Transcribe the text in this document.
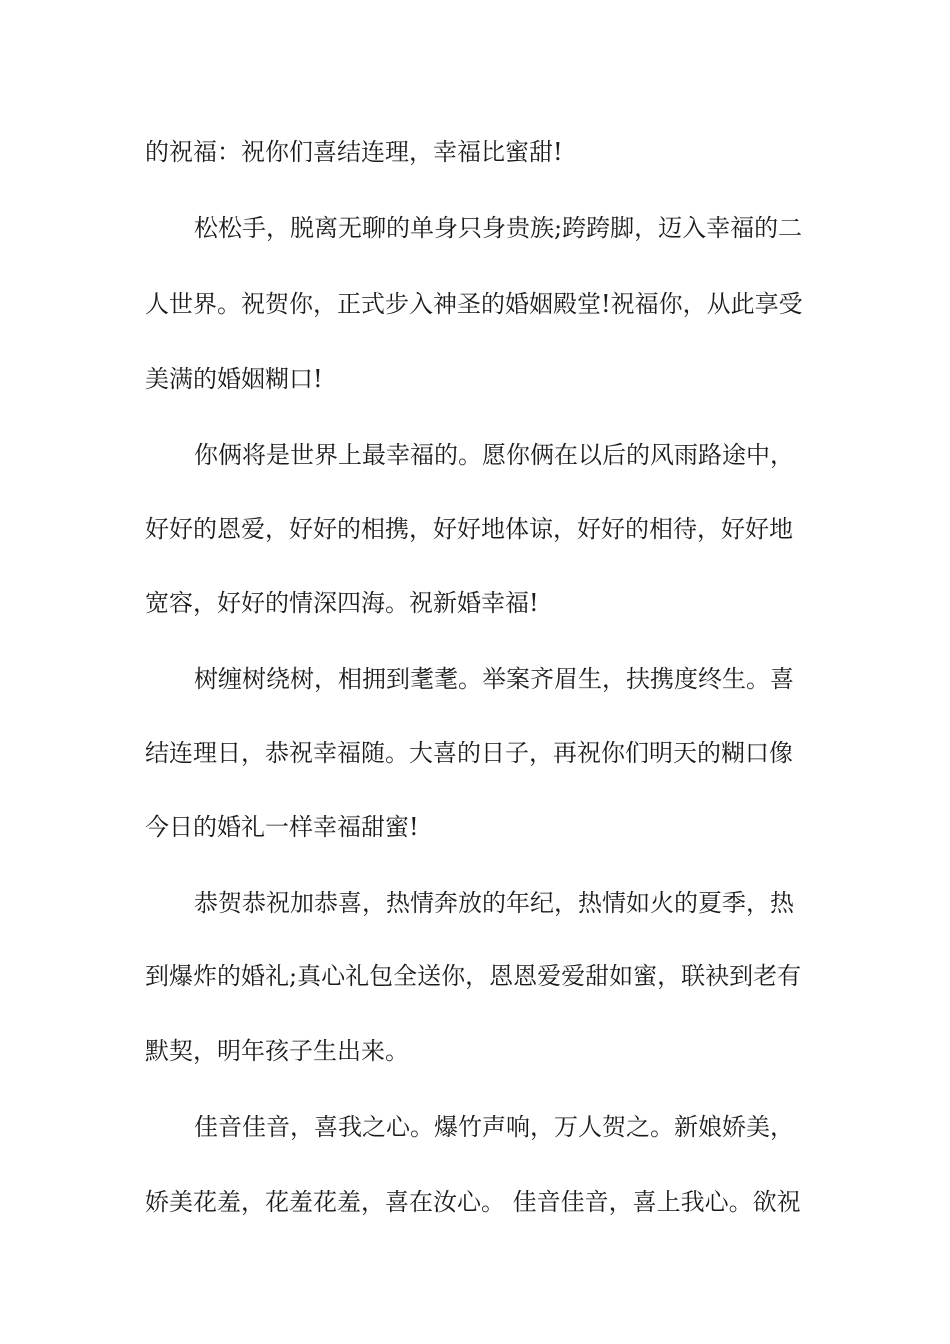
的祝福：祝你们喜结连理，幸福比蜜甜!
松松手，脱离无聊的单身只身贵族;跨跨脚，迈入幸福的二
人世界。祝贺你，正式步入神圣的婚姻殿堂!祝福你，从此享受
美满的婚姻糊口!
你俩将是世界上最幸福的。愿你俩在以后的风雨路途中，
好好的恩爱，好好的相携，好好地体谅，好好的相待，好好地
宽容，好好的情深四海。祝新婚幸福!
树缠树绕树，相拥到耄耄。举案齐眉生，扶携度终生。喜
结连理日，恭祝幸福随。大喜的日子，再祝你们明天的糊口像
今日的婚礼一样幸福甜蜜!
恭贺恭祝加恭喜，热情奔放的年纪，热情如火的夏季，热
到爆炸的婚礼;真心礼包全送你，恩恩爱爱甜如蜜，联袂到老有
默契，明年孩子生出来。
佳音佳音，喜我之心。爆竹声响，万人贺之。新娘娇美，
娇美花羞，花羞花羞，喜在汝心。 佳音佳音，喜上我心。欲祝
